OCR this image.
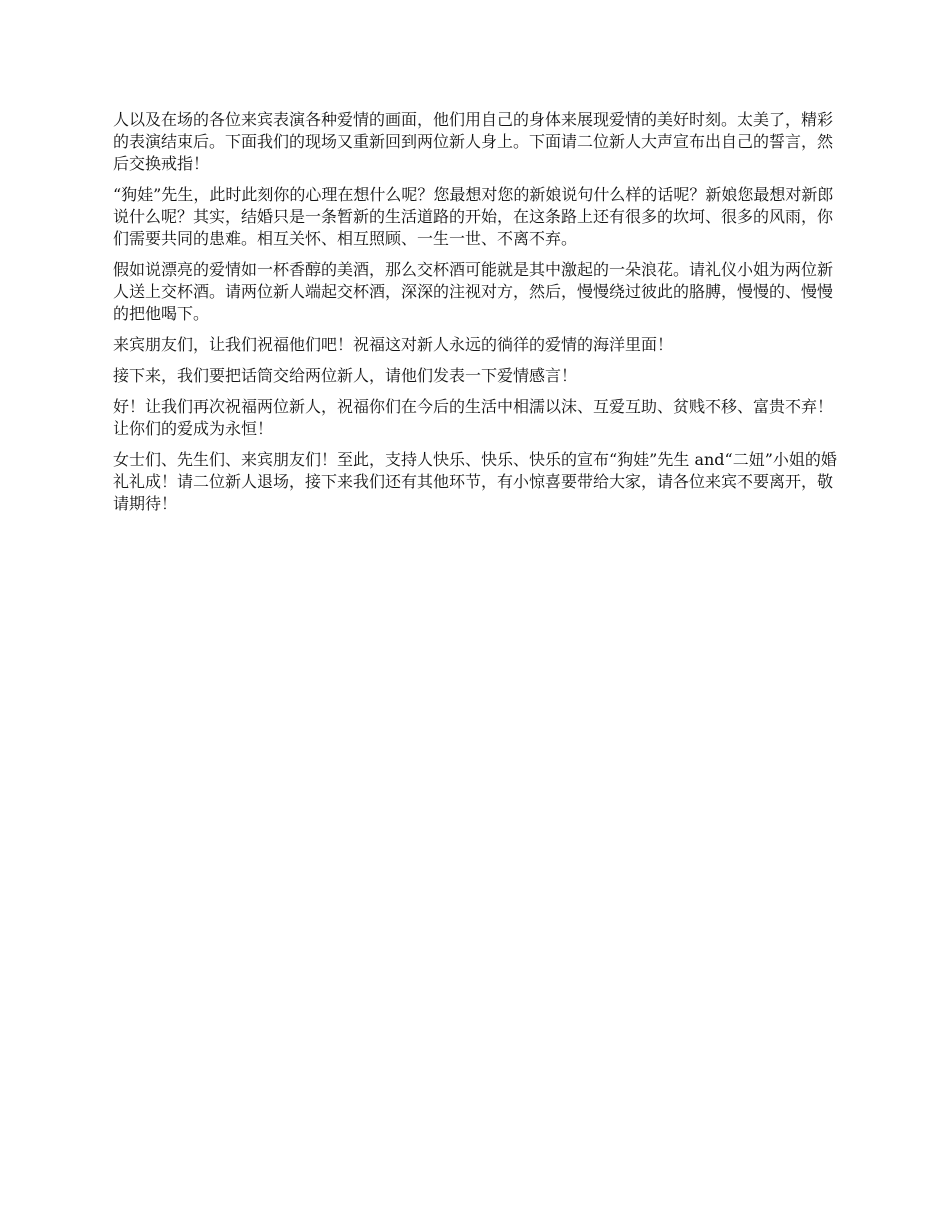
人以及在场的各位来宾表演各种爱情的画面，他们用自己的身体来展现爱情的美好时刻。太美了，精彩的表演结束后。下面我们的现场又重新回到两位新人身上。下面请二位新人大声宣布出自己的誓言，然后交换戒指！

“狗娃”先生，此时此刻你的心理在想什么呢？您最想对您的新娘说句什么样的话呢？新娘您最想对新郎说什么呢？其实，结婚只是一条暂新的生活道路的开始，在这条路上还有很多的坎坷、很多的风雨，你们需要共同的患难。相互关怀、相互照顾、一生一世、不离不弃。

假如说漂亮的爱情如一杯香醇的美酒，那么交杯酒可能就是其中激起的一朵浪花。请礼仪小姐为两位新人送上交杯酒。请两位新人端起交杯酒，深深的注视对方，然后，慢慢绕过彼此的胳膊，慢慢的、慢慢的把他喝下。

来宾朋友们，让我们祝福他们吧！祝福这对新人永远的徜徉的爱情的海洋里面！

接下来，我们要把话筒交给两位新人，请他们发表一下爱情感言！

好！让我们再次祝福两位新人，祝福你们在今后的生活中相濡以沫、互爱互助、贫贱不移、富贵不弃！让你们的爱成为永恒！

女士们、先生们、来宾朋友们！至此，支持人快乐、快乐、快乐的宣布“狗娃”先生 and“二妞”小姐的婚礼礼成！请二位新人退场，接下来我们还有其他环节，有小惊喜要带给大家，请各位来宾不要离开，敬请期待！
